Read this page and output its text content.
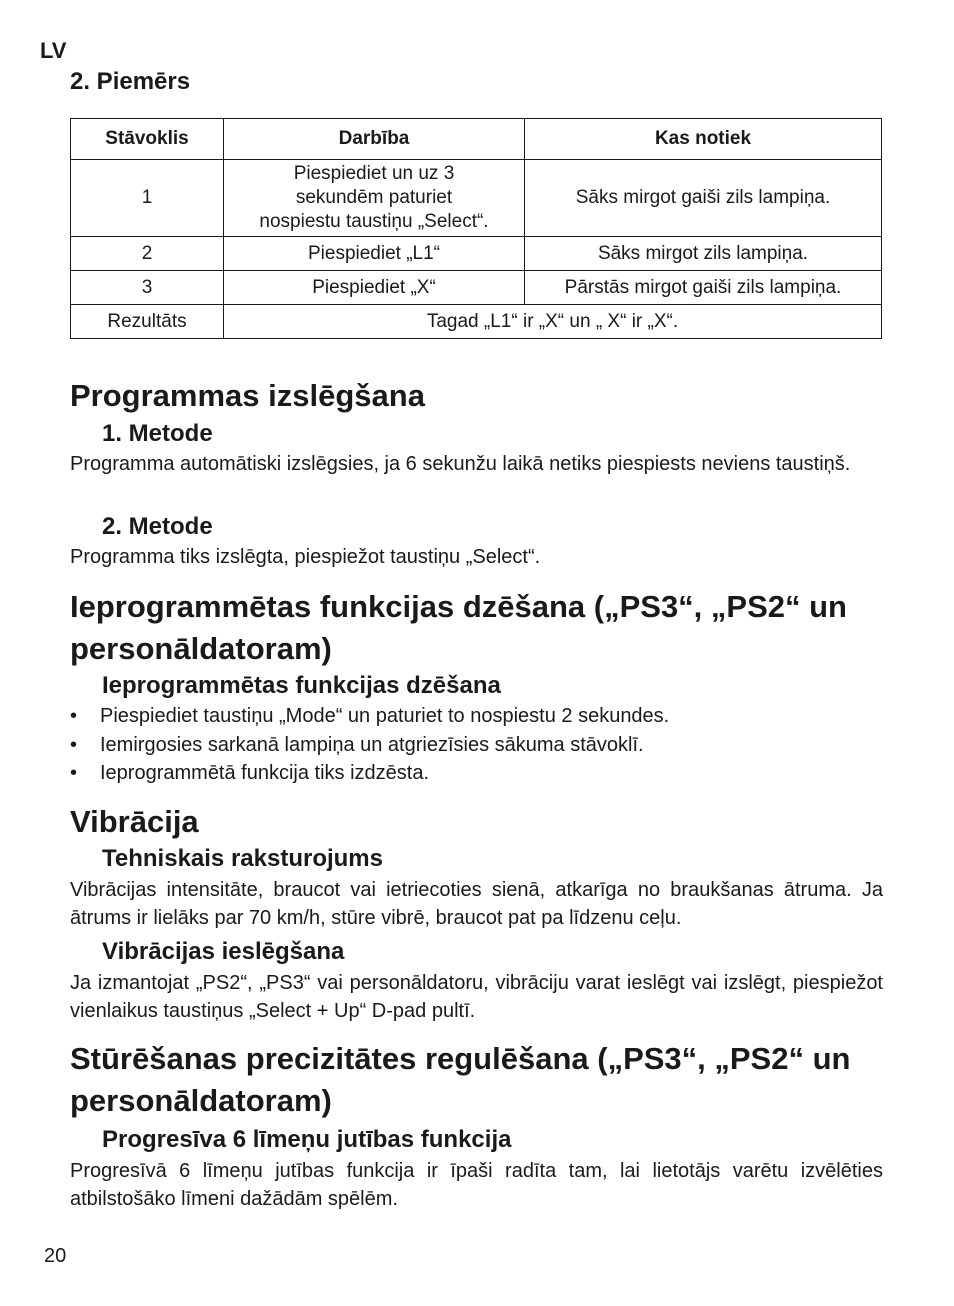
LV
2. Piemērs
Stāvoklis	Darbība	Kas notiek
1	Piespiediet un uz 3
sekundēm paturiet
nospiestu taustiņu „Select“.	Sāks mirgot gaiši zils lampiņa.
2	Piespiediet „L1“	Sāks mirgot zils lampiņa.
3	Piespiediet „X“	Pārstās mirgot gaiši zils lampiņa.
Rezultāts	Tagad „L1“ ir „X“ un „ X“ ir „X“.	
Programmas izslēgšana
1. Metode
Programma automātiski izslēgsies, ja 6 sekunžu laikā netiks piespiests neviens taustiņš.
2. Metode
Programma tiks izslēgta, piespiežot taustiņu „Select“.
Ieprogrammētas funkcijas dzēšana („PS3“, „PS2“ un
personāldatoram)
Ieprogrammētas funkcijas dzēšana
• Piespiediet taustiņu „Mode“ un paturiet to nospiestu 2 sekundes.
• Iemirgosies sarkanā lampiņa un atgriezīsies sākuma stāvoklī.
• Ieprogrammētā funkcija tiks izdzēsta.
Vibrācija
Tehniskais raksturojums
Vibrācijas intensitāte, braucot vai ietriecoties sienā, atkarīga no braukšanas ātruma. Ja ātrums ir lielāks par 70 km/h, stūre vibrē, braucot pat pa līdzenu ceļu.
Vibrācijas ieslēgšana
Ja izmantojat „PS2“, „PS3“ vai personāldatoru, vibrāciju varat ieslēgt vai izslēgt, piespiežot vienlaikus taustiņus „Select + Up“ D-pad pultī.
Stūrēšanas precizitātes regulēšana („PS3“, „PS2“ un
personāldatoram)
Progresīva 6 līmeņu jutības funkcija
Progresīvā 6 līmeņu jutības funkcija ir īpaši radīta tam, lai lietotājs varētu izvēlēties atbilstošāko līmeni dažādām spēlēm.
20
